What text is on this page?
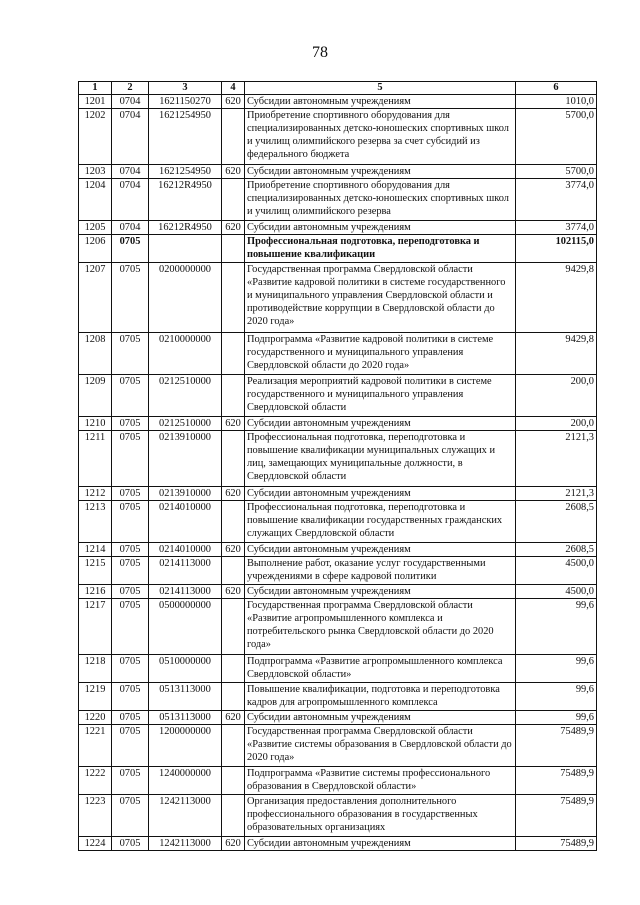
78
1	2	3	4	5	6
1201	0704	1621150270	620	Субсидии автономным учреждениям	1010,0
1202	0704	1621254950		Приобретение спортивного оборудования для специализированных детско-юношеских спортивных школ и училищ олимпийского резерва за счет субсидий из федерального бюджета	5700,0
1203	0704	1621254950	620	Субсидии автономным учреждениям	5700,0
1204	0704	16212R4950		Приобретение спортивного оборудования для специализированных детско-юношеских спортивных школ и училищ олимпийского резерва	3774,0
1205	0704	16212R4950	620	Субсидии автономным учреждениям	3774,0
1206	0705			Профессиональная подготовка, переподготовка и повышение квалификации	102115,0
1207	0705	0200000000		Государственная программа Свердловской области «Развитие кадровой политики в системе государственного и муниципального управления Свердловской области и противодействие коррупции в Свердловской области до 2020 года»	9429,8
1208	0705	0210000000		Подпрограмма «Развитие кадровой политики в системе государственного и муниципального управления Свердловской области до 2020 года»	9429,8
1209	0705	0212510000		Реализация мероприятий кадровой политики в системе государственного и муниципального управления Свердловской области	200,0
1210	0705	0212510000	620	Субсидии автономным учреждениям	200,0
1211	0705	0213910000		Профессиональная подготовка, переподготовка и повышение квалификации муниципальных служащих и лиц, замещающих муниципальные должности, в Свердловской области	2121,3
1212	0705	0213910000	620	Субсидии автономным учреждениям	2121,3
1213	0705	0214010000		Профессиональная подготовка, переподготовка и повышение квалификации государственных гражданских служащих Свердловской области	2608,5
1214	0705	0214010000	620	Субсидии автономным учреждениям	2608,5
1215	0705	0214113000		Выполнение работ, оказание услуг государственными учреждениями в сфере кадровой политики	4500,0
1216	0705	0214113000	620	Субсидии автономным учреждениям	4500,0
1217	0705	0500000000		Государственная программа Свердловской области «Развитие агропромышленного комплекса и потребительского рынка Свердловской области до 2020 года»	99,6
1218	0705	0510000000		Подпрограмма «Развитие агропромышленного комплекса Свердловской области»	99,6
1219	0705	0513113000		Повышение квалификации, подготовка и переподготовка кадров для агропромышленного комплекса	99,6
1220	0705	0513113000	620	Субсидии автономным учреждениям	99,6
1221	0705	1200000000		Государственная программа Свердловской области «Развитие системы образования в Свердловской области до 2020 года»	75489,9
1222	0705	1240000000		Подпрограмма «Развитие системы профессионального образования в Свердловской области»	75489,9
1223	0705	1242113000		Организация предоставления дополнительного профессионального образования в государственных образовательных организациях	75489,9
1224	0705	1242113000	620	Субсидии автономным учреждениям	75489,9
